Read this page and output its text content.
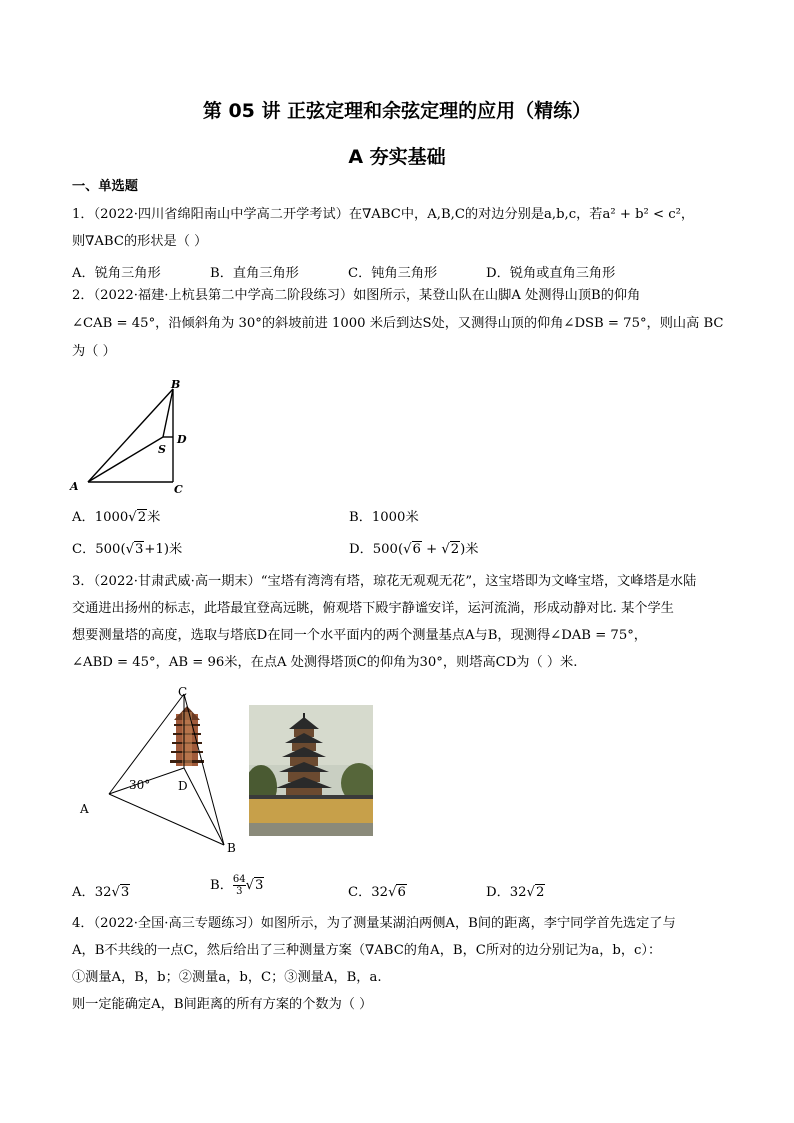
第 05 讲 正弦定理和余弦定理的应用（精练）
A 夯实基础
一、单选题
1．（2022·四川省绵阳南山中学高二开学考试）在∇ABC中，A,B,C的对边分别是a,b,c，若a² + b² < c²，
则∇ABC的形状是（ ）
A．锐角三角形	B．直角三角形	C．钝角三角形	D．锐角或直角三角形
2．（2022·福建·上杭县第二中学高二阶段练习）如图所示，某登山队在山脚A 处测得山顶B的仰角
∠CAB = 45°，沿倾斜角为 30°的斜坡前进 1000 米后到达S处，又测得山顶的仰角∠DSB = 75°，则山高 BC
为（ ）
B
D
S
A	C
A．1000√2米	B．1000米
C．500(√3+1)米	D．500(√6 + √2)米
3．（2022·甘肃武威·高一期末）“宝塔有湾湾有塔，琼花无观观无花”，这宝塔即为文峰宝塔，文峰塔是水陆
交通进出扬州的标志，此塔最宜登高远眺，俯观塔下殿宇静谧安详，运河流淌，形成动静对比. 某个学生
想要测量塔的高度，选取与塔底D在同一个水平面内的两个测量基点A与B，现测得∠DAB = 75°，
∠ABD = 45°，AB = 96米，在点A 处测得塔顶C的仰角为30°，则塔高CD为（ ）米.
C
D
A
B
30°
A．32√3	B． $\frac{64}{3} √3$	C．32√6	D．32√2
4．（2022·全国·高三专题练习）如图所示，为了测量某湖泊两侧A，B间的距离，李宁同学首先选定了与
A，B不共线的一点C，然后给出了三种测量方案（∇ABC的角A，B，C所对的边分别记为a，b，c）：
①测量A，B，b；②测量a，b，C；③测量A，B，a.
则一定能确定A，B间距离的所有方案的个数为（ ）
